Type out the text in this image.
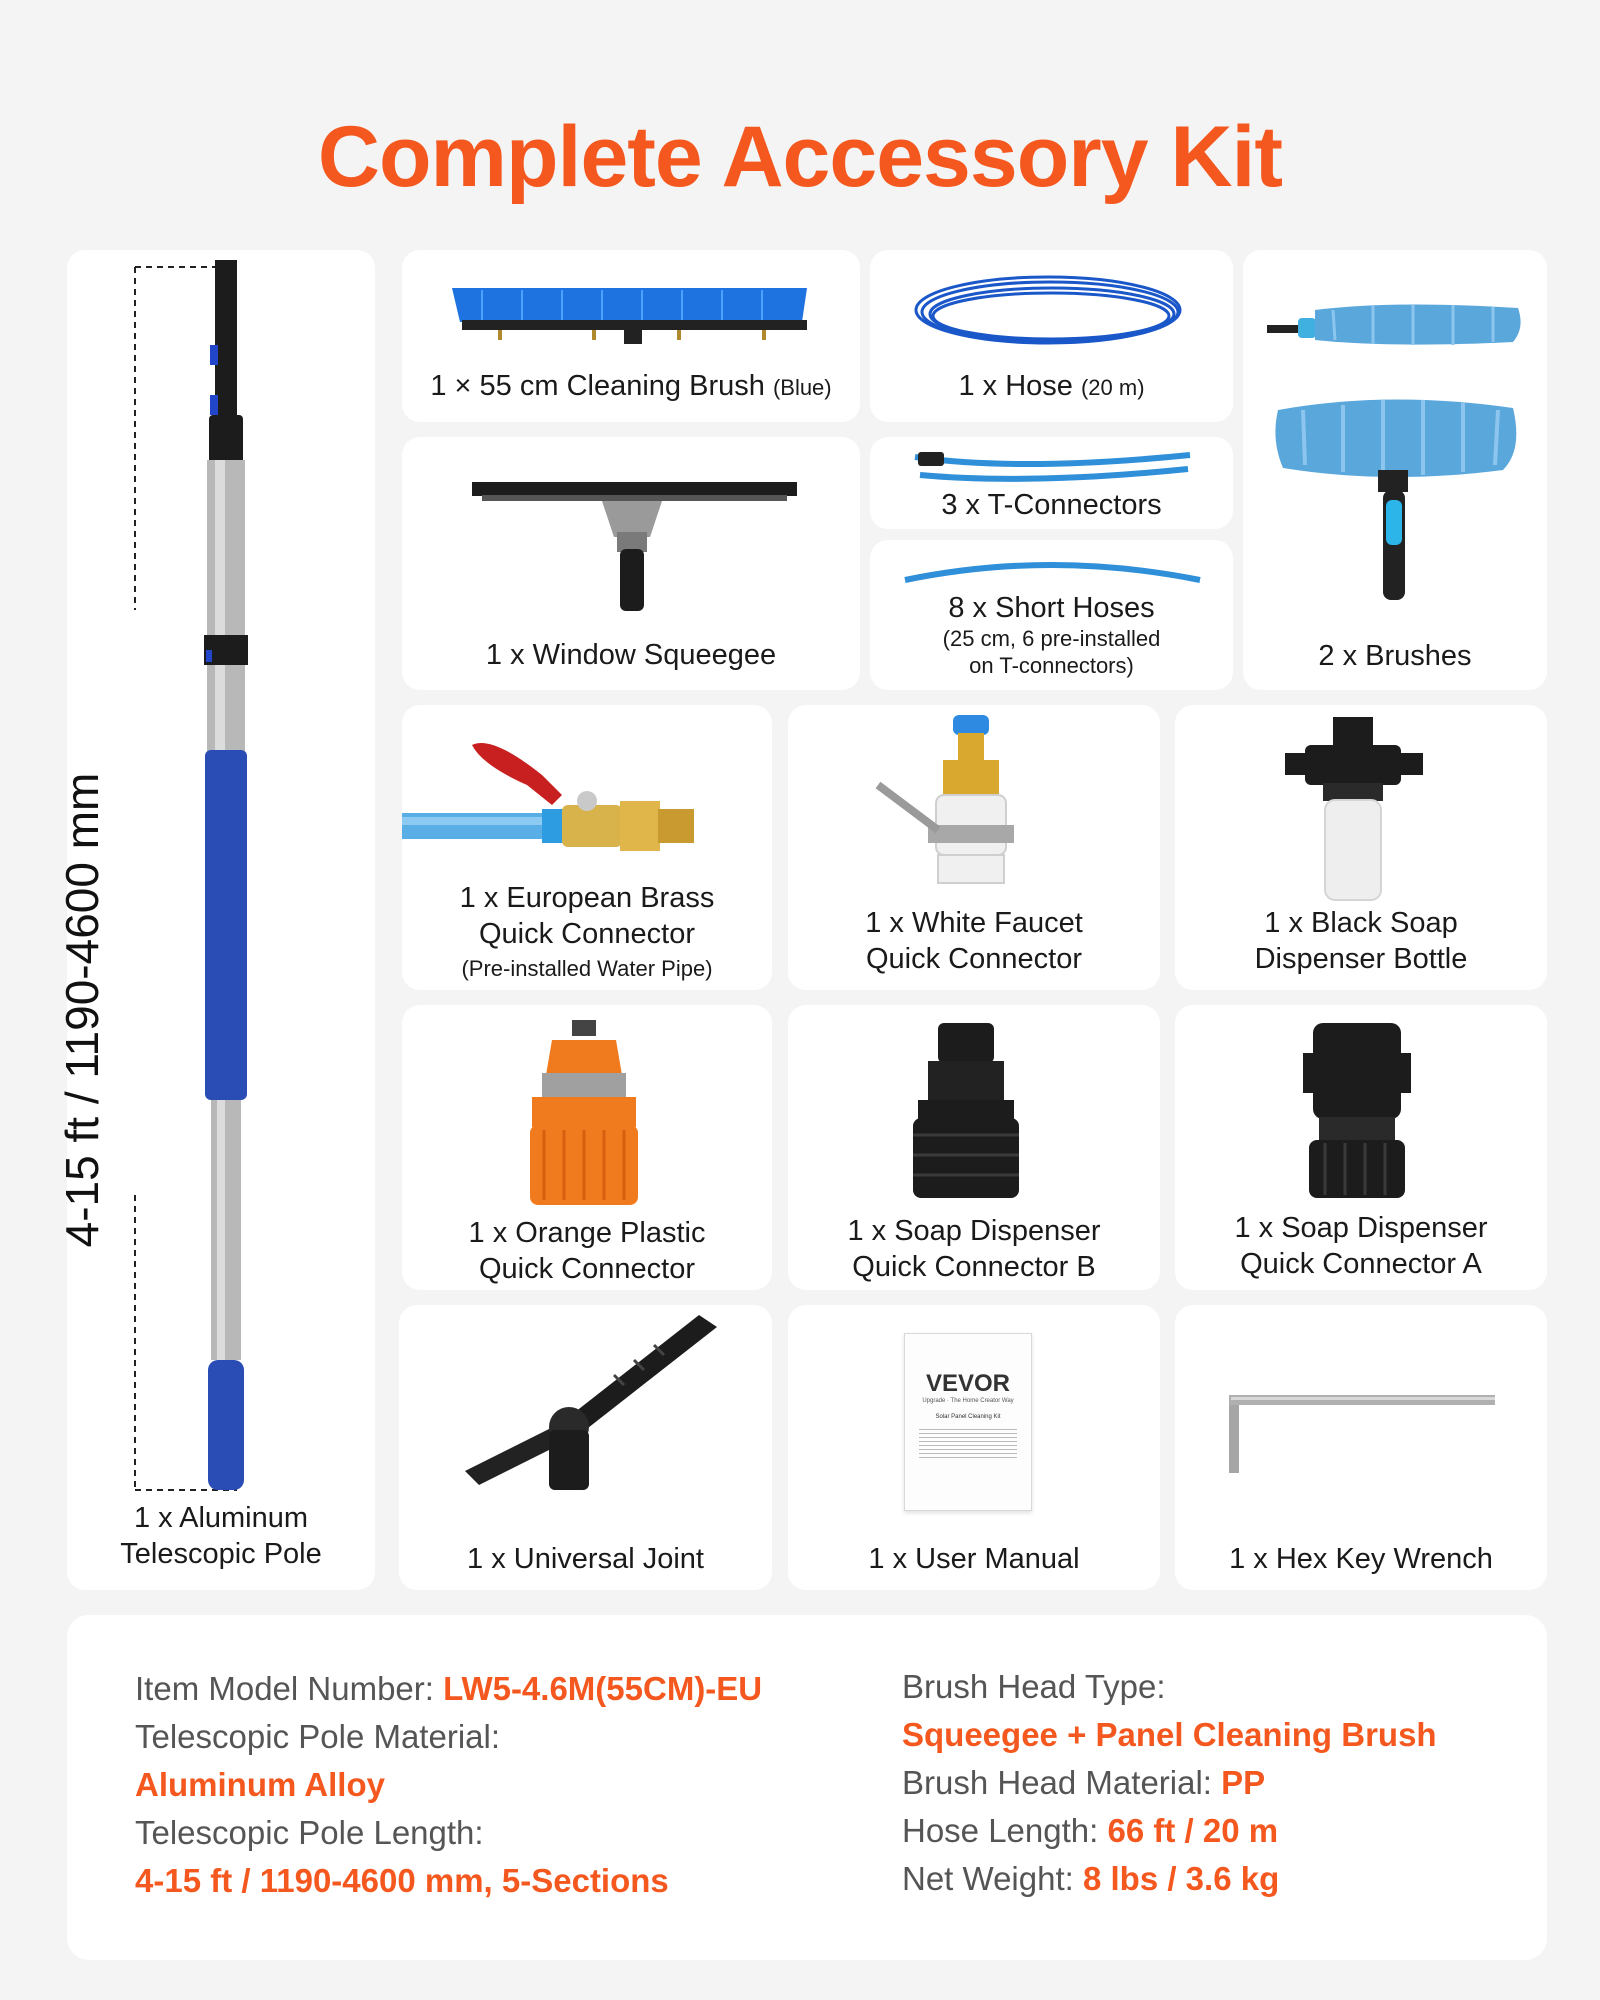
Complete Accessory Kit
1 x Aluminum
Telescopic Pole
4-15 ft / 1190-4600 mm
1 × 55 cm Cleaning Brush (Blue)	1 x Hose (20 m)
2 x Brushes
1 x Window Squeegee
3 x T-Connectors
8 x Short Hoses
(25 cm, 6 pre-installed
on T-connectors)
1 x European Brass
Quick Connector
(Pre-installed Water Pipe)
1 x White Faucet
Quick Connector
1 x Black Soap
Dispenser Bottle
1 x Orange Plastic
Quick Connector
1 x Soap Dispenser
Quick Connector B
1 x Soap Dispenser
Quick Connector A
1 x Universal Joint
VEVOR
Upgrade · The Home Creator Way
Solar Panel Cleaning Kit
1 x User Manual	1 x Hex Key Wrench
Item Model Number: LW5-4.6M(55CM)-EU
Telescopic Pole Material:
Aluminum Alloy
Telescopic Pole Length:
4-15 ft / 1190-4600 mm, 5-Sections
Brush Head Type:
Squeegee + Panel Cleaning Brush
Brush Head Material: PP
Hose Length: 66 ft / 20 m
Net Weight: 8 lbs / 3.6 kg
